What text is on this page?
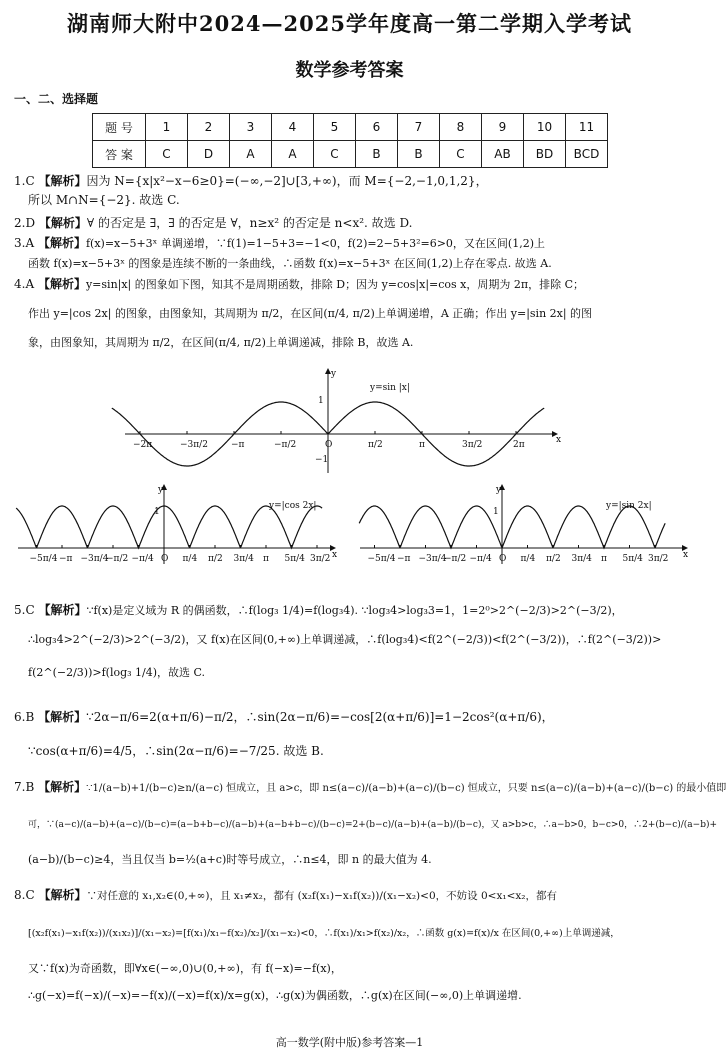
湖南师大附中2024—2025学年度高一第二学期入学考试
数学参考答案
一、二、选择题
题 号	1	2	3	4	5	6	7	8	9	10	11
答 案	C	D	A	A	C	B	B	C	AB	BD	BCD
1.C 【解析】因为 N={x|x²−x−6≥0}=(−∞,−2]∪[3,+∞)，而 M={−2,−1,0,1,2}，
所以 M∩N={−2}. 故选 C.
2.D 【解析】∀ 的否定是 ∃，∃ 的否定是 ∀，n≥x² 的否定是 n<x². 故选 D.
3.A 【解析】f(x)=x−5+3ˣ 单调递增，∵f(1)=1−5+3=−1<0，f(2)=2−5+3²=6>0，又在区间(1,2)上
函数 f(x)=x−5+3ˣ 的图象是连续不断的一条曲线，∴函数 f(x)=x−5+3ˣ 在区间(1,2)上存在零点. 故选 A.
4.A 【解析】y=sin|x| 的图象如下图，知其不是周期函数，排除 D；因为 y=cos|x|=cos x，周期为 2π，排除 C；
作出 y=|cos 2x| 的图象，由图象知，其周期为 π/2，在区间(π/4, π/2)上单调递增，A 正确；作出 y=|sin 2x| 的图
象，由图象知，其周期为 π/2，在区间(π/4, π/2)上单调递减，排除 B，故选 A.
x
y
y=sin |x|
1
−1
−2π	−3π/2	−π	−π/2	O	π/2	π	3π/2	2π
y
x
1
y=|cos 2x|
−5π/4 −π −3π/4
−π/2 −π/4 O π/4 π/2 3π/4 π 5π/4 3π/2
y
x
1
y=|sin 2x|
−5π/4 −π −3π/4
−π/2 −π/4 O π/4 π/2 3π/4 π 5π/4 3π/2
5.C 【解析】∵f(x)是定义域为 R 的偶函数，∴f(log₃ 1/4)=f(log₃4). ∵log₃4>log₃3=1，1=2⁰>2^(−2/3)>2^(−3/2)，
∴log₃4>2^(−2/3)>2^(−3/2)，又 f(x)在区间(0,+∞)上单调递减，∴f(log₃4)<f(2^(−2/3))<f(2^(−3/2))，∴f(2^(−3/2))>
f(2^(−2/3))>f(log₃ 1/4)，故选 C.
6.B 【解析】∵2α−π/6=2(α+π/6)−π/2，∴sin(2α−π/6)=−cos[2(α+π/6)]=1−2cos²(α+π/6)，
∵cos(α+π/6)=4/5，∴sin(2α−π/6)=−7/25. 故选 B.
7.B 【解析】∵1/(a−b)+1/(b−c)≥n/(a−c) 恒成立，且 a>c，即 n≤(a−c)/(a−b)+(a−c)/(b−c) 恒成立，只要 n≤(a−c)/(a−b)+(a−c)/(b−c) 的最小值即
可，∵(a−c)/(a−b)+(a−c)/(b−c)=(a−b+b−c)/(a−b)+(a−b+b−c)/(b−c)=2+(b−c)/(a−b)+(a−b)/(b−c)，又 a>b>c，∴a−b>0，b−c>0，∴2+(b−c)/(a−b)+
(a−b)/(b−c)≥4，当且仅当 b=½(a+c)时等号成立，∴n≤4，即 n 的最大值为 4.
8.C 【解析】∵对任意的 x₁,x₂∈(0,+∞)，且 x₁≠x₂，都有 (x₂f(x₁)−x₁f(x₂))/(x₁−x₂)<0，不妨设 0<x₁<x₂，都有
[(x₂f(x₁)−x₁f(x₂))/(x₁x₂)]/(x₁−x₂)=[f(x₁)/x₁−f(x₂)/x₂]/(x₁−x₂)<0，∴f(x₁)/x₁>f(x₂)/x₂，∴函数 g(x)=f(x)/x 在区间(0,+∞)上单调递减，
又∵f(x)为奇函数，即∀x∈(−∞,0)∪(0,+∞)，有 f(−x)=−f(x)，
∴g(−x)=f(−x)/(−x)=−f(x)/(−x)=f(x)/x=g(x)，∴g(x)为偶函数，∴g(x)在区间(−∞,0)上单调递增.
高一数学(附中版)参考答案—1
